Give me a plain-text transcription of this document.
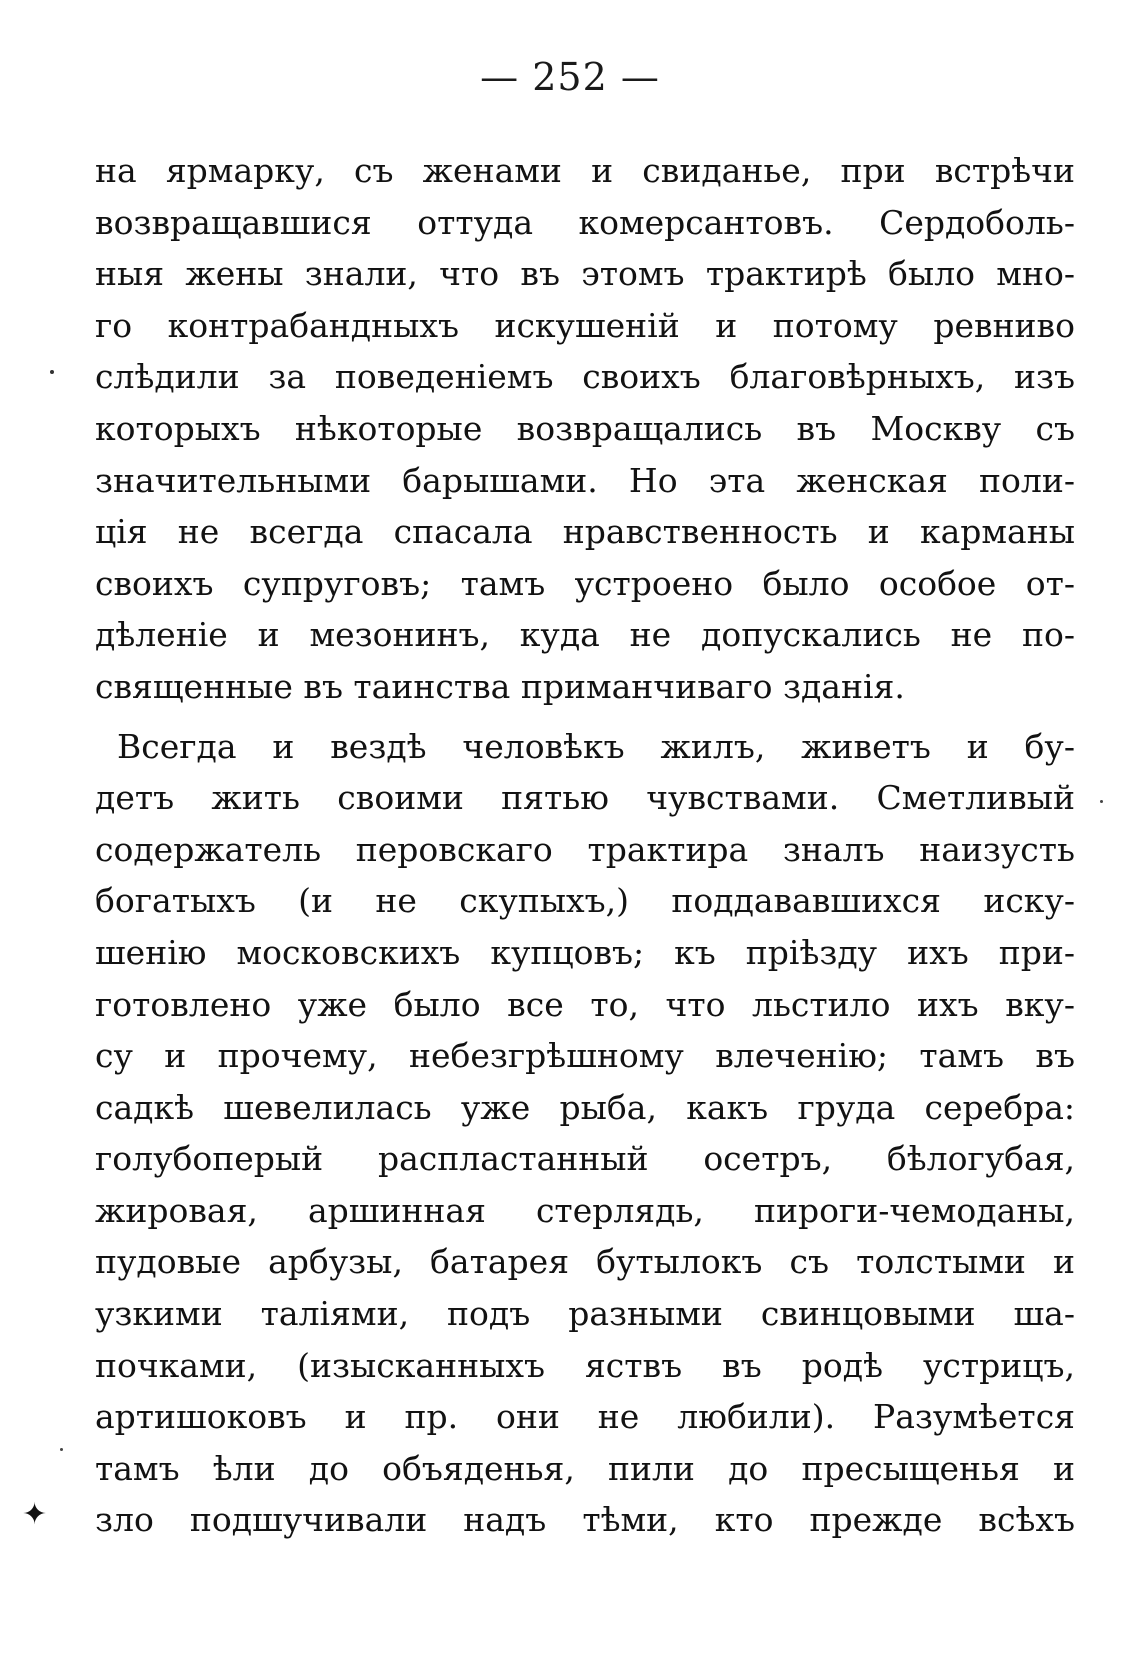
— 252 —
на ярмарку, съ женами и свиданье, при встрѣчи
возвращавшися оттуда комерсантовъ. Сердоболь-
ныя жены знали, что въ этомъ трактирѣ было мно-
го контрабандныхъ искушеній и потому ревниво
слѣдили за поведеніемъ своихъ благовѣрныхъ, изъ
которыхъ нѣкоторые возвращались въ Москву съ
значительными барышами. Но эта женская поли-
ція не всегда спасала нравственность и карманы
своихъ супруговъ; тамъ устроено было особое от-
дѣленіе и мезонинъ, куда не допускались не по-
священные въ таинства приманчиваго зданія.
Всегда и вездѣ человѣкъ жилъ, живетъ и бу-
детъ жить своими пятью чувствами. Сметливый
содержатель перовскаго трактира зналъ наизусть
богатыхъ (и не скупыхъ,) поддававшихся иску-
шенію московскихъ купцовъ; къ пріѣзду ихъ при-
готовлено уже было все то, что льстило ихъ вку-
су и прочему, небезгрѣшному влеченію; тамъ въ
садкѣ шевелилась уже рыба, какъ груда серебра:
голубоперый распластанный осетръ, бѣлогубая,
жировая, аршинная стерлядь, пироги-чемоданы,
пудовые арбузы, батарея бутылокъ съ толстыми и
узкими таліями, подъ разными свинцовыми ша-
почками, (изысканныхъ яствъ въ родѣ устрицъ,
артишоковъ и пр. они не любили). Разумѣется
тамъ ѣли до объяденья, пили до пресыщенья и
зло подшучивали надъ тѣми, кто прежде всѣхъ
✦
